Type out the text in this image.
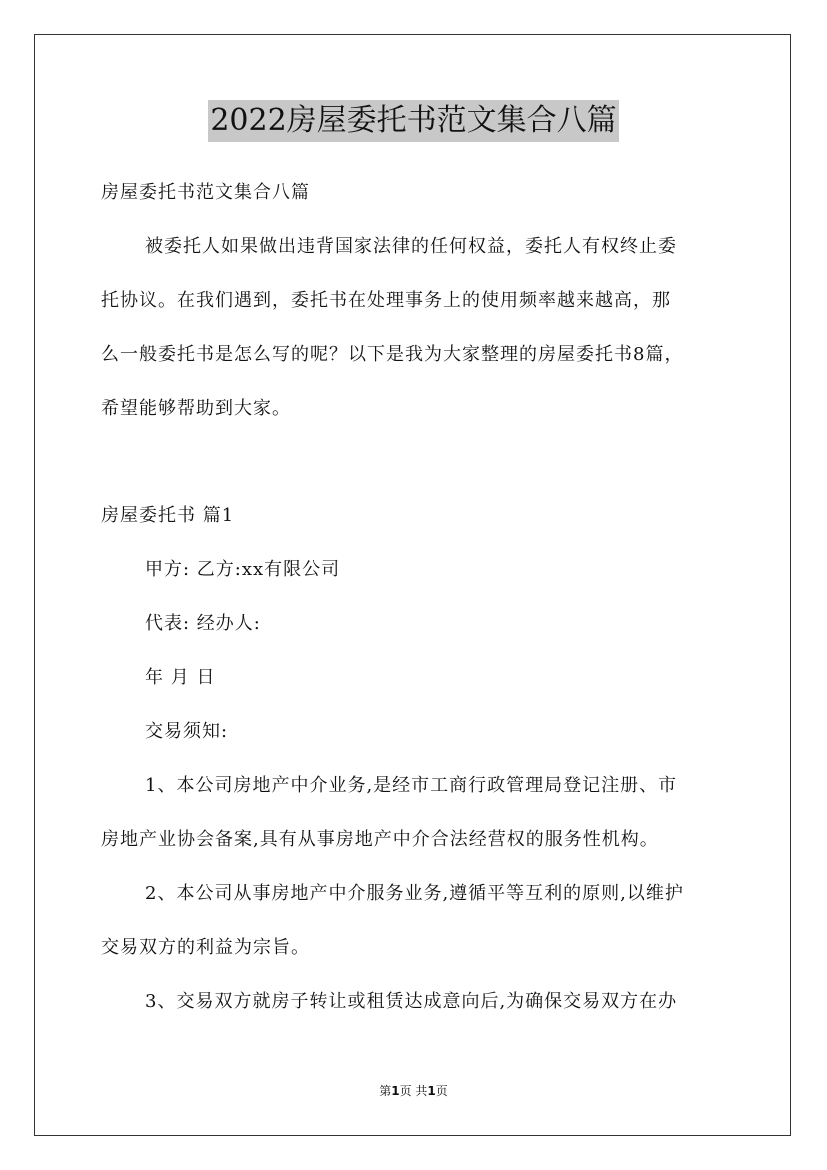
2022房屋委托书范文集合八篇
房屋委托书范文集合八篇
被委托人如果做出违背国家法律的任何权益，委托人有权终止委
托协议。在我们遇到，委托书在处理事务上的使用频率越来越高，那
么一般委托书是怎么写的呢？以下是我为大家整理的房屋委托书8篇，
希望能够帮助到大家。
房屋委托书 篇1
甲方: 乙方:xx有限公司
代表: 经办人:
年 月 日
交易须知:
1、本公司房地产中介业务,是经市工商行政管理局登记注册、市
房地产业协会备案,具有从事房地产中介合法经营权的服务性机构。
2、本公司从事房地产中介服务业务,遵循平等互利的原则,以维护
交易双方的利益为宗旨。
3、交易双方就房子转让或租赁达成意向后,为确保交易双方在办
第1页 共1页
